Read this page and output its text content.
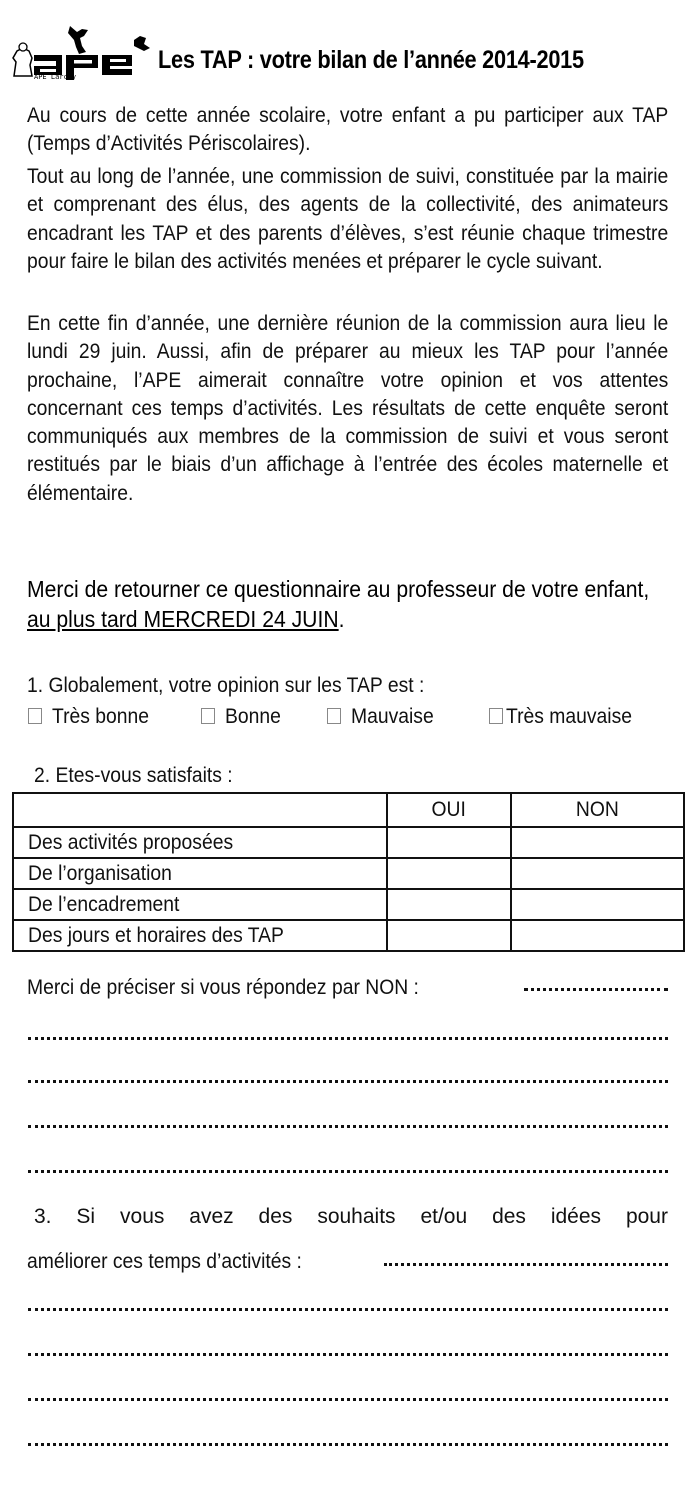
APE Larçay
Les TAP : votre bilan de l’année 2014-2015
Au cours de cette année scolaire, votre enfant a pu participer aux TAP (Temps d’Activités Périscolaires).
Tout au long de l’année, une commission de suivi, constituée par la mairie et comprenant des élus, des agents de la collectivité, des animateurs encadrant les TAP et des parents d’élèves, s’est réunie chaque trimestre pour faire le bilan des activités menées et préparer le cycle suivant.
En cette fin d’année, une dernière réunion de la commission aura lieu le lundi 29 juin. Aussi, afin de préparer au mieux les TAP pour l’année prochaine, l’APE aimerait connaître votre opinion et vos attentes concernant ces temps d’activités. Les résultats de cette enquête seront communiqués aux membres de la commission de suivi et vous seront restitués par le biais d’un affichage à l’entrée des écoles maternelle et élémentaire.
Merci de retourner ce questionnaire au professeur de votre enfant, au plus tard MERCREDI 24 JUIN.
1. Globalement, votre opinion sur les TAP est :
Très bonne	Bonne	Mauvaise	Très mauvaise
2. Etes-vous satisfaits :
	OUI	NON
Des activités proposées		
De l’organisation		
De l’encadrement		
Des jours et horaires des TAP		
Merci de préciser si vous répondez par NON :
3. Si vous avez des souhaits et/ou des idées pour
améliorer ces temps d’activités :
